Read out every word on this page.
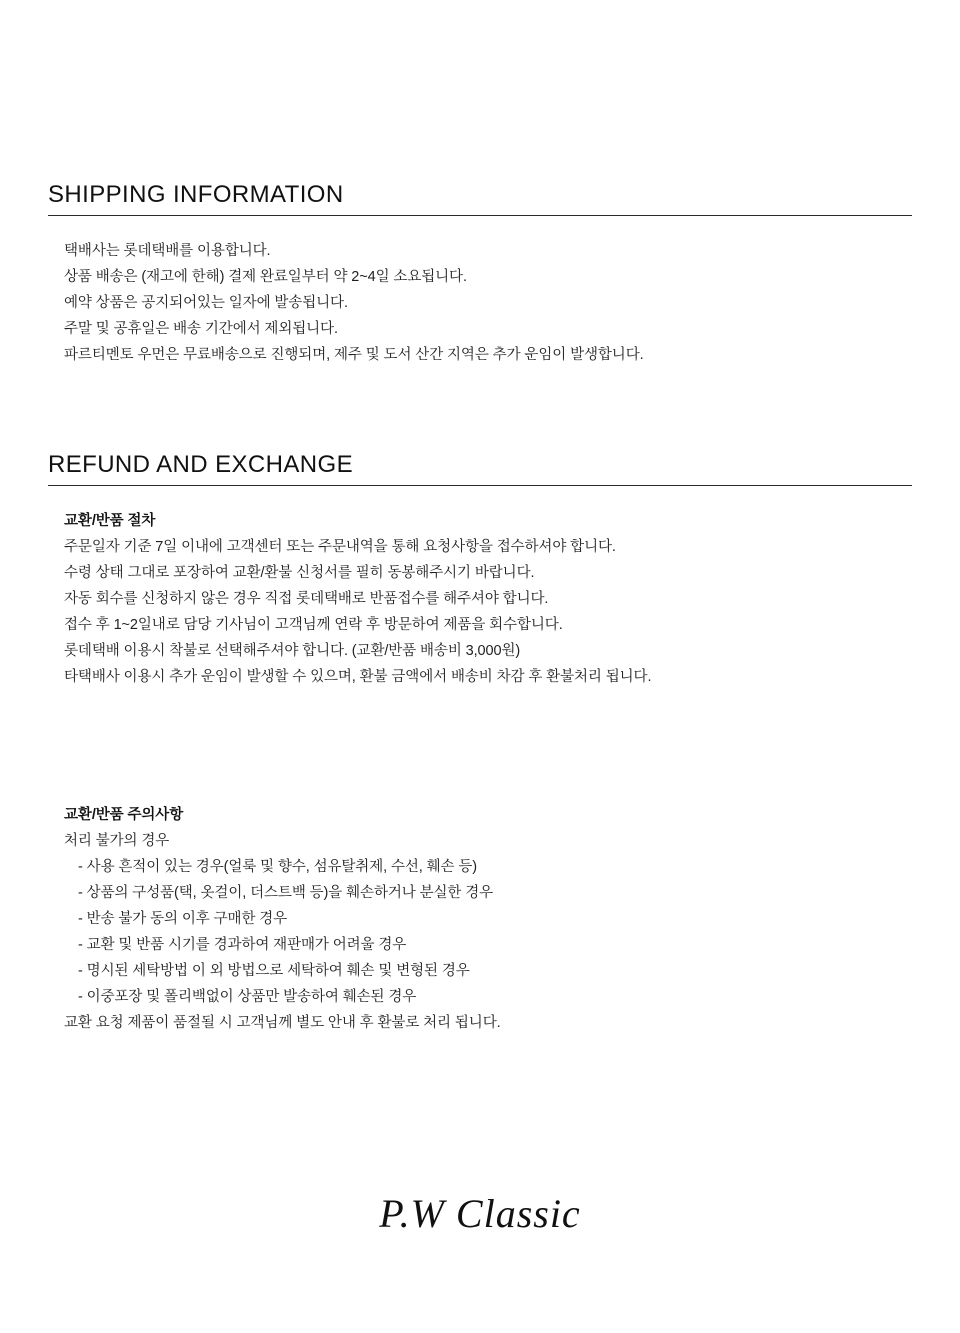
SHIPPING INFORMATION
택배사는 롯데택배를 이용합니다.
상품 배송은 (재고에 한해) 결제 완료일부터 약 2~4일 소요됩니다.
예약 상품은 공지되어있는 일자에 발송됩니다.
주말 및 공휴일은 배송 기간에서 제외됩니다.
파르티멘토 우먼은 무료배송으로 진행되며, 제주 및 도서 산간 지역은 추가 운임이 발생합니다.
REFUND AND EXCHANGE
교환/반품 절차
주문일자 기준 7일 이내에 고객센터 또는 주문내역을 통해 요청사항을 접수하셔야 합니다.
수령 상태 그대로 포장하여 교환/환불 신청서를 필히 동봉해주시기 바랍니다.
자동 회수를 신청하지 않은 경우 직접 롯데택배로 반품접수를 해주셔야 합니다.
접수 후 1~2일내로 담당 기사님이 고객님께 연락 후 방문하여 제품을 회수합니다.
롯데택배 이용시 착불로 선택해주셔야 합니다. (교환/반품 배송비 3,000원)
타택배사 이용시 추가 운임이 발생할 수 있으며, 환불 금액에서 배송비 차감 후 환불처리 됩니다.
교환/반품 주의사항
처리 불가의 경우
- 사용 흔적이 있는 경우(얼룩 및 향수, 섬유탈취제, 수선, 훼손 등)
- 상품의 구성품(택, 옷걸이, 더스트백 등)을 훼손하거나 분실한 경우
- 반송 불가 동의 이후 구매한 경우
- 교환 및 반품 시기를 경과하여 재판매가 어려울 경우
- 명시된 세탁방법 이 외 방법으로 세탁하여 훼손 및 변형된 경우
- 이중포장 및 폴리백없이 상품만 발송하여 훼손된 경우
교환 요청 제품이 품절될 시 고객님께 별도 안내 후 환불로 처리 됩니다.
P.W Classic
